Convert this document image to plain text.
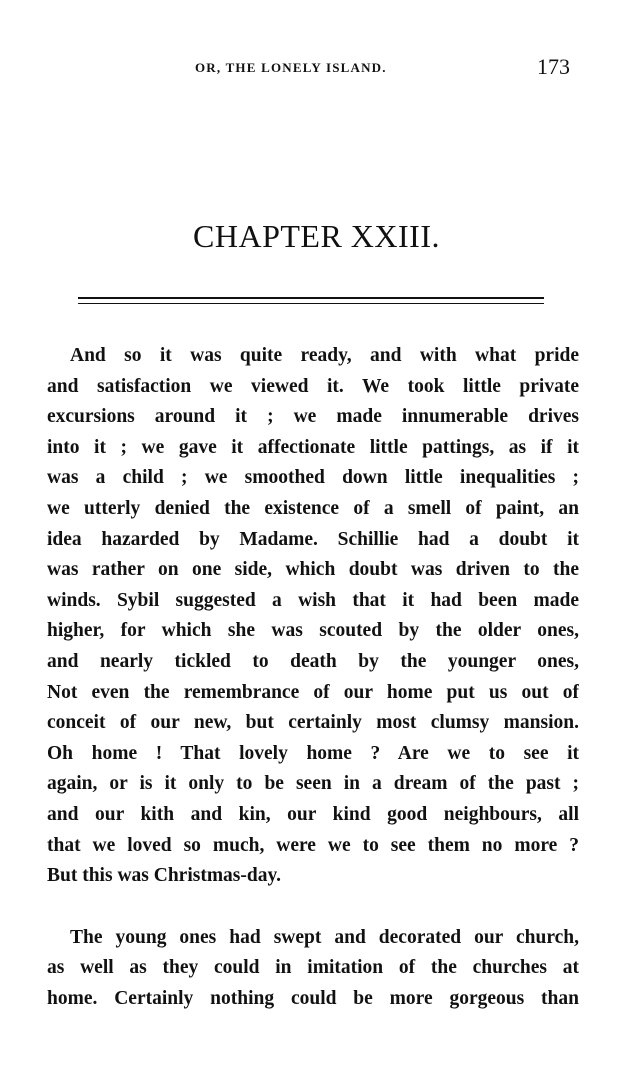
OR, THE LONELY ISLAND.	173
CHAPTER XXIII.
And so it was quite ready, and with what pride
and satisfaction we viewed it. We took little private
excursions around it ; we made innumerable drives
into it ; we gave it affectionate little pattings, as if it
was a child ; we smoothed down little inequalities ;
we utterly denied the existence of a smell of paint, an
idea hazarded by Madame. Schillie had a doubt it
was rather on one side, which doubt was driven to the
winds. Sybil suggested a wish that it had been made
higher, for which she was scouted by the older ones,
and nearly tickled to death by the younger ones,
Not even the remembrance of our home put us out of
conceit of our new, but certainly most clumsy mansion.
Oh home ! That lovely home ? Are we to see it
again, or is it only to be seen in a dream of the past ;
and our kith and kin, our kind good neighbours, all
that we loved so much, were we to see them no more ?
But this was Christmas-day.
The young ones had swept and decorated our church,
as well as they could in imitation of the churches at
home. Certainly nothing could be more gorgeous than
